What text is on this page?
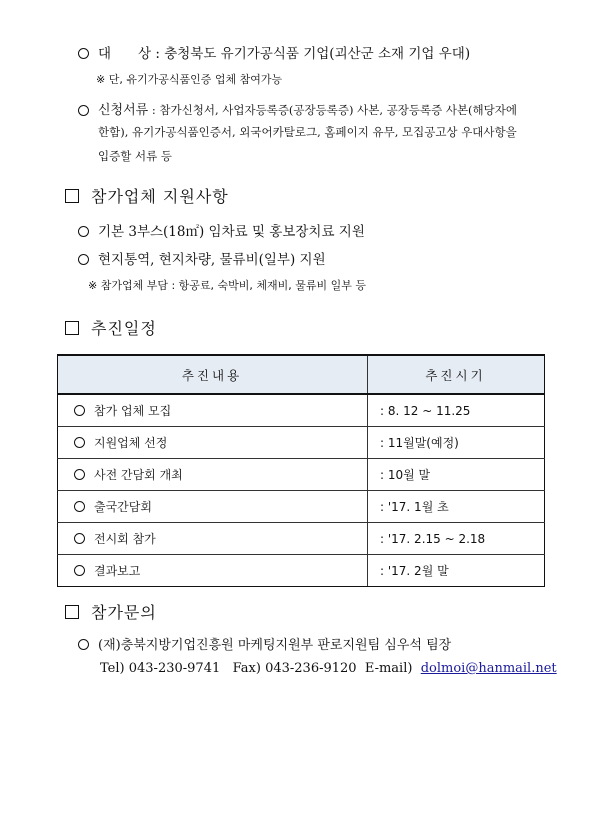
대　　상 : 충청북도 유기가공식품 기업(괴산군 소재 기업 우대)
※ 단, 유기가공식품인증 업체 참여가능
신청서류 : 참가신청서, 사업자등록증(공장등록증) 사본, 공장등록증 사본(해당자에
한함), 유기가공식품인증서, 외국어카탈로그, 홈페이지 유무, 모집공고상 우대사항을
입증할 서류 등
참가업체 지원사항
기본 3부스(18㎡) 임차료 및 홍보장치료 지원
현지통역, 현지차량, 물류비(일부) 지원
※ 참가업체 부담 : 항공료, 숙박비, 체재비, 물류비 일부 등
추진일정
추진내용	추진시기
참가 업체 모집	: 8. 12 ~ 11.25
지원업체 선정	: 11월말(예정)
사전 간담회 개최	: 10월 말
출국간담회	: '17. 1월 초
전시회 참가	: '17. 2.15 ~ 2.18
결과보고	: '17. 2월 말
참가문의
(재)충북지방기업진흥원 마케팅지원부 판로지원팀 심우석 팀장
Tel) 043-230-9741 Fax) 043-236-9120 E-mail) dolmoi@hanmail.net
